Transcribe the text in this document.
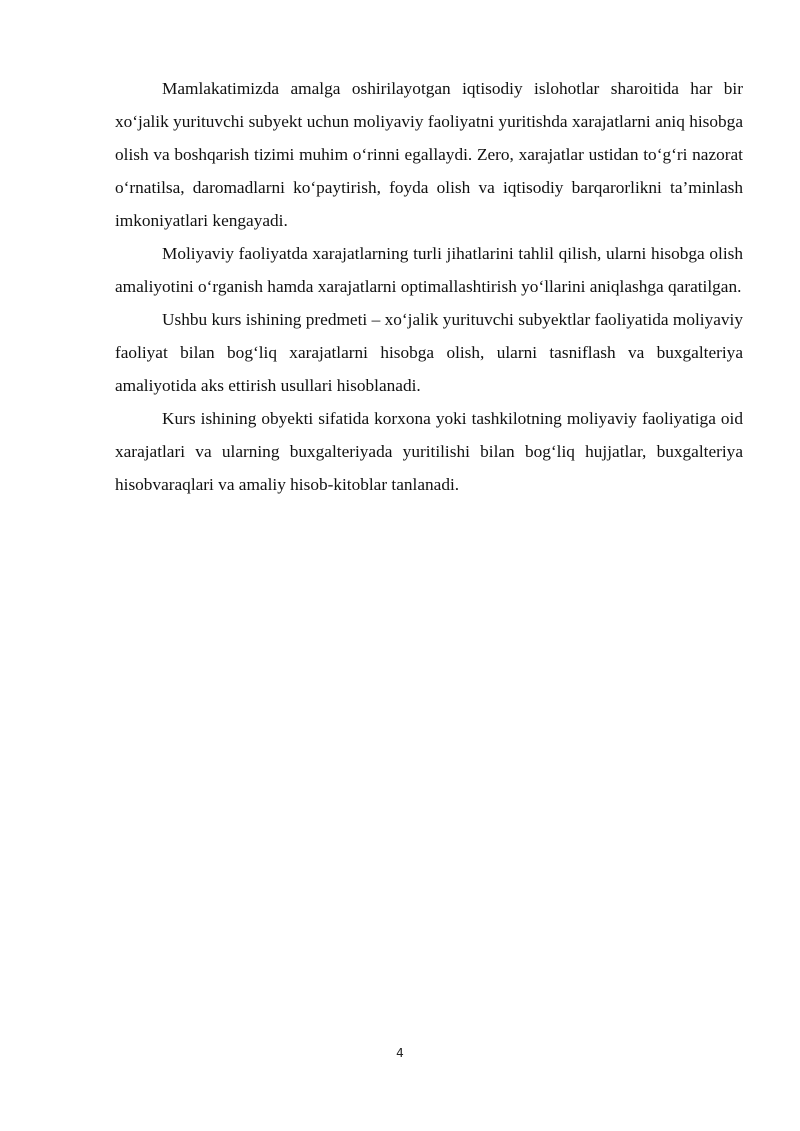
Mamlakatimizda amalga oshirilayotgan iqtisodiy islohotlar sharoitida har bir xo‘jalik yurituvchi subyekt uchun moliyaviy faoliyatni yuritishda xarajatlarni aniq hisobga olish va boshqarish tizimi muhim o‘rinni egallaydi. Zero, xarajatlar ustidan to‘g‘ri nazorat o‘rnatilsa, daromadlarni ko‘paytirish, foyda olish va iqtisodiy barqarorlikni ta’minlash imkoniyatlari kengayadi.

Moliyaviy faoliyatda xarajatlarning turli jihatlarini tahlil qilish, ularni hisobga olish amaliyotini o‘rganish hamda xarajatlarni optimallashtirish yo‘llarini aniqlashga qaratilgan.

Ushbu kurs ishining predmeti – xo‘jalik yurituvchi subyektlar faoliyatida moliyaviy faoliyat bilan bog‘liq xarajatlarni hisobga olish, ularni tasniflash va buxgalteriya amaliyotida aks ettirish usullari hisoblanadi.

Kurs ishining obyekti sifatida korxona yoki tashkilotning moliyaviy faoliyatiga oid xarajatlari va ularning buxgalteriyada yuritilishi bilan bog‘liq hujjatlar, buxgalteriya hisobvaraqlari va amaliy hisob-kitoblar tanlanadi.

4
